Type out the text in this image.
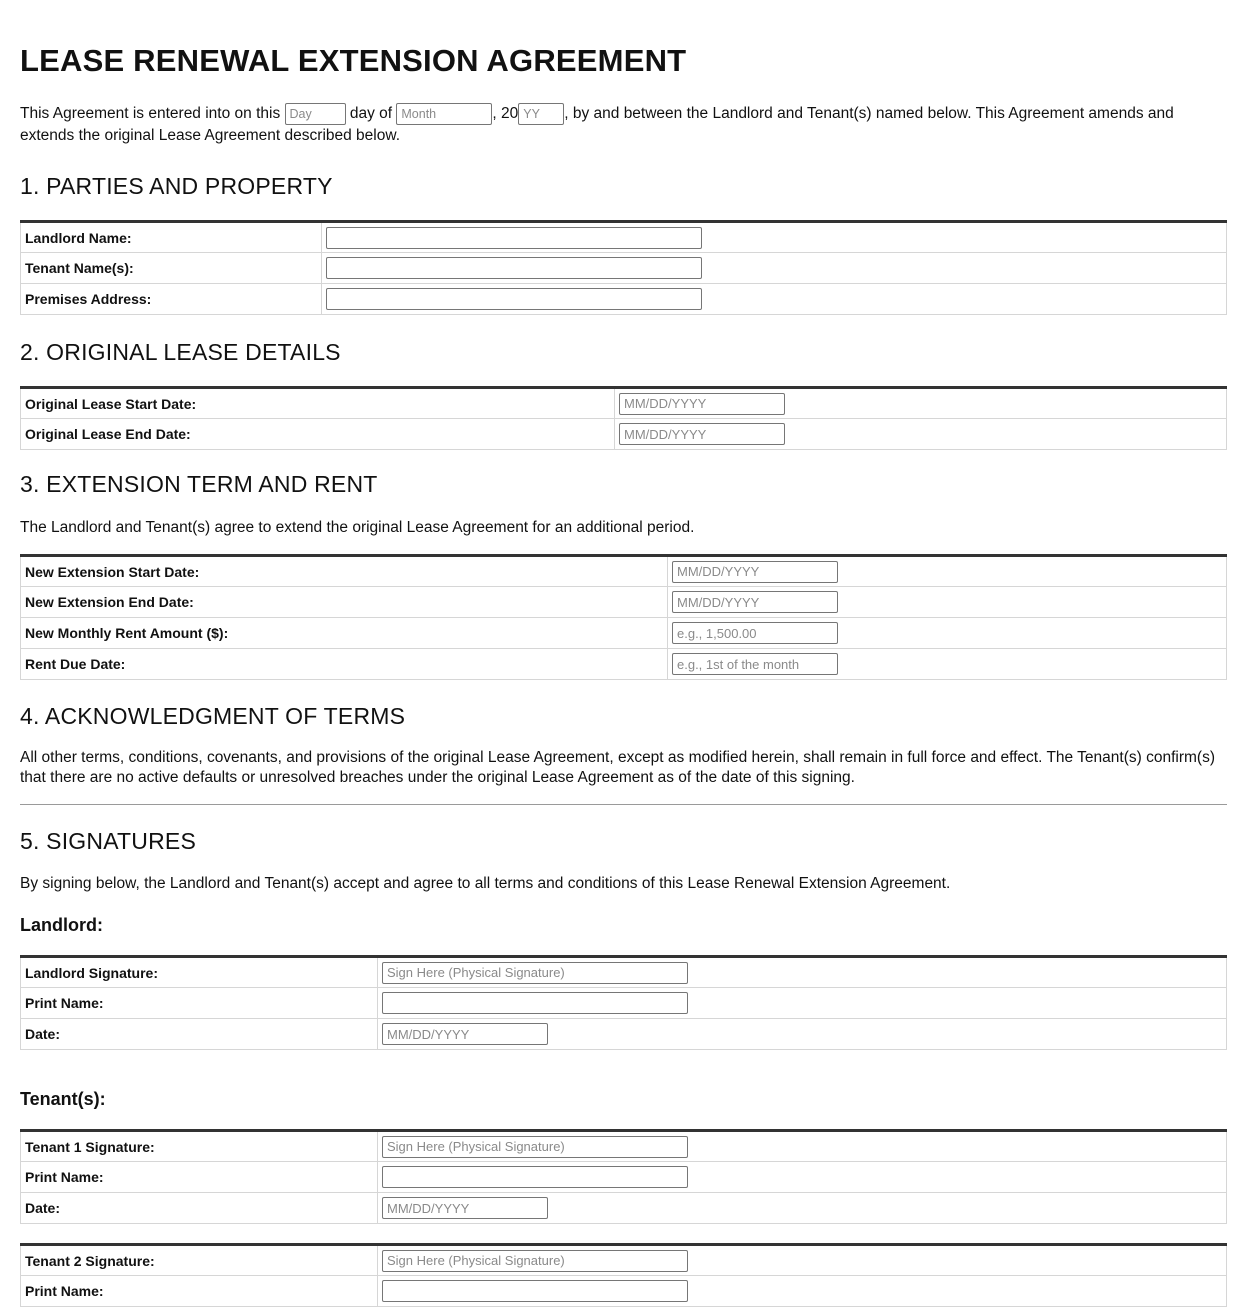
LEASE RENEWAL EXTENSION AGREEMENT
This Agreement is entered into on this Day	day of Month	, 20YY	, by and between the Landlord and Tenant(s) named below. This Agreement amends and extends the original Lease Agreement described below.
1. PARTIES AND PROPERTY
Landlord Name:	

Tenant Name(s):	

Premises Address:	
2. ORIGINAL LEASE DETAILS
Original Lease Start Date:	
MM/DD/YYYY
Original Lease End Date:	
MM/DD/YYYY
3. EXTENSION TERM AND RENT

The Landlord and Tenant(s) agree to extend the original Lease Agreement for an additional period.

New Extension Start Date:	
MM/DD/YYYY
New Extension End Date:	
MM/DD/YYYY
New Monthly Rent Amount ($):	
e.g., 1,500.00
Rent Due Date:	
e.g., 1st of the month
4. ACKNOWLEDGMENT OF TERMS

All other terms, conditions, covenants, and provisions of the original Lease Agreement, except as modified herein, shall remain in full force and effect. The Tenant(s) confirm(s) that there are no active defaults or unresolved breaches under the original Lease Agreement as of the date of this signing.

5. SIGNATURES

By signing below, the Landlord and Tenant(s) accept and agree to all terms and conditions of this Lease Renewal Extension Agreement.

Landlord:
Landlord Signature:	
Sign Here (Physical Signature)
Print Name:	

Date:	
MM/DD/YYYY
Tenant(s):
Tenant 1 Signature:	
Sign Here (Physical Signature)
Print Name:	

Date:	
MM/DD/YYYY
Tenant 2 Signature:	
Sign Here (Physical Signature)
Print Name:	
